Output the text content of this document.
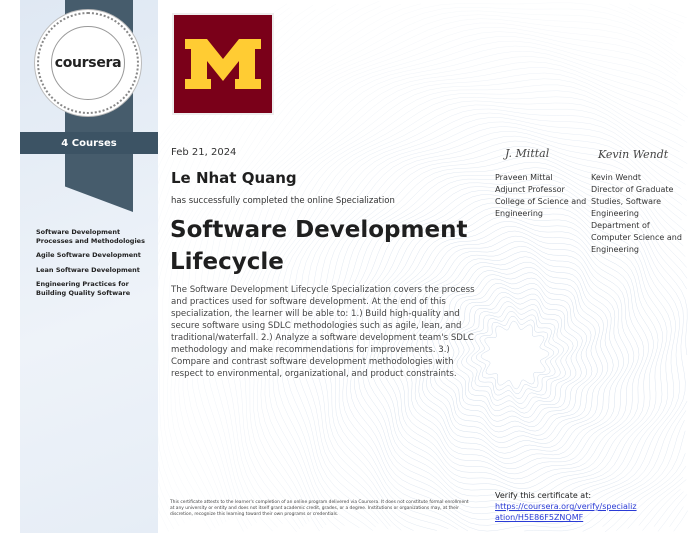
coursera
4 Courses
Software Development Processes and Methodologies
Agile Software Development
Lean Software Development
Engineering Practices for Building Quality Software
Feb 21, 2024
Le Nhat Quang
has successfully completed the online Specialization
Software Development Lifecycle
The Software Development Lifecycle Specialization covers the process and practices used for software development. At the end of this specialization, the learner will be able to: 1.) Build high-quality and secure software using SDLC methodologies such as agile, lean, and traditional/waterfall. 2.) Analyze a software development team's SDLC methodology and make recommendations for improvements. 3.) Compare and contrast software development methodologies with respect to environmental, organizational, and product constraints.
J. Mittal	Kevin Wendt
Praveen Mittal
Adjunct Professor
College of Science and Engineering
Kevin Wendt
Director of Graduate Studies, Software Engineering
Department of Computer Science and Engineering
This certificate attests to the learner's completion of an online program delivered via Coursera. It does not constitute formal enrollment at any university or entity and does not itself grant academic credit, grades, or a degree. Institutions or organizations may, at their discretion, recognize this learning toward their own programs or credentials.
Verify this certificate at:
https://coursera.org/verify/specialization/H5E86F5ZNQMF
